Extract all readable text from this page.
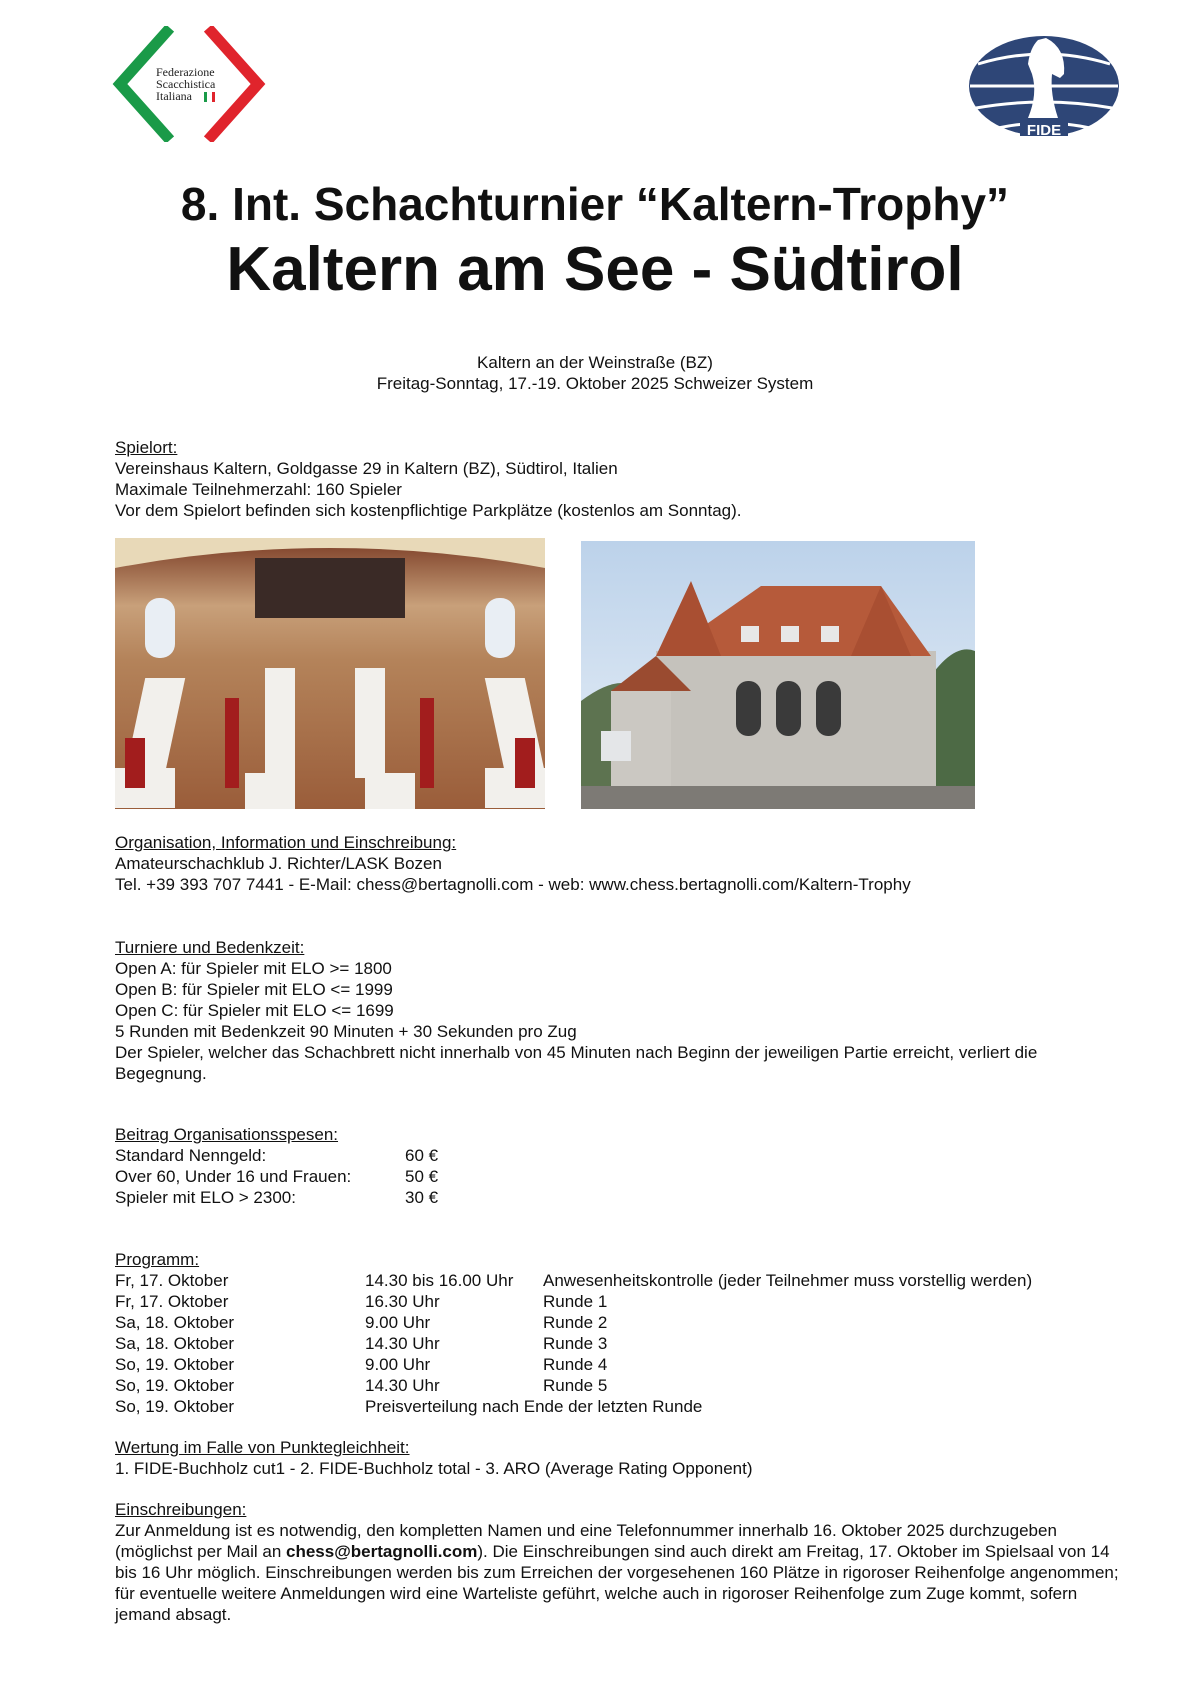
Federazione
Scacchistica
Italiana
FIDE
8. Int. Schachturnier “Kaltern-Trophy”
Kaltern am See - Südtirol
Kaltern an der Weinstraße (BZ)
Freitag-Sonntag, 17.-19. Oktober 2025 Schweizer System
Spielort:
Vereinshaus Kaltern, Goldgasse 29 in Kaltern (BZ), Südtirol, Italien
Maximale Teilnehmerzahl: 160 Spieler
Vor dem Spielort befinden sich kostenpflichtige Parkplätze (kostenlos am Sonntag).
Organisation, Information und Einschreibung:
Amateurschachklub J. Richter/LASK Bozen
Tel. +39 393 707 7441 - E-Mail: chess@bertagnolli.com - web: www.chess.bertagnolli.com/Kaltern-Trophy
Turniere und Bedenkzeit:
Open A: für Spieler mit ELO >= 1800
Open B: für Spieler mit ELO <= 1999
Open C: für Spieler mit ELO <= 1699
5 Runden mit Bedenkzeit 90 Minuten + 30 Sekunden pro Zug
Der Spieler, welcher das Schachbrett nicht innerhalb von 45 Minuten nach Beginn der jeweiligen Partie erreicht, verliert die
Begegnung.
Beitrag Organisationsspesen:
Standard Nenngeld:	60 €
Over 60, Under 16 und Frauen:	50 €
Spieler mit ELO > 2300:	30 €
Programm:
Fr, 17. Oktober	14.30 bis 16.00 Uhr	Anwesenheitskontrolle (jeder Teilnehmer muss vorstellig werden)
Fr, 17. Oktober	16.30 Uhr	Runde 1
Sa, 18. Oktober	9.00 Uhr	Runde 2
Sa, 18. Oktober	14.30 Uhr	Runde 3
So, 19. Oktober	9.00 Uhr	Runde 4
So, 19. Oktober	14.30 Uhr	Runde 5
So, 19. Oktober	Preisverteilung nach Ende der letzten Runde
Wertung im Falle von Punktegleichheit:
1. FIDE-Buchholz cut1 - 2. FIDE-Buchholz total - 3. ARO (Average Rating Opponent)
Einschreibungen:
Zur Anmeldung ist es notwendig, den kompletten Namen und eine Telefonnummer innerhalb 16. Oktober 2025 durchzugeben (möglichst per Mail an chess@bertagnolli.com). Die Einschreibungen sind auch direkt am Freitag, 17. Oktober im Spielsaal von 14 bis 16 Uhr möglich. Einschreibungen werden bis zum Erreichen der vorgesehenen 160 Plätze in rigoroser Reihenfolge angenommen; für eventuelle weitere Anmeldungen wird eine Warteliste geführt, welche auch in rigoroser Reihenfolge zum Zuge kommt, sofern jemand absagt.
